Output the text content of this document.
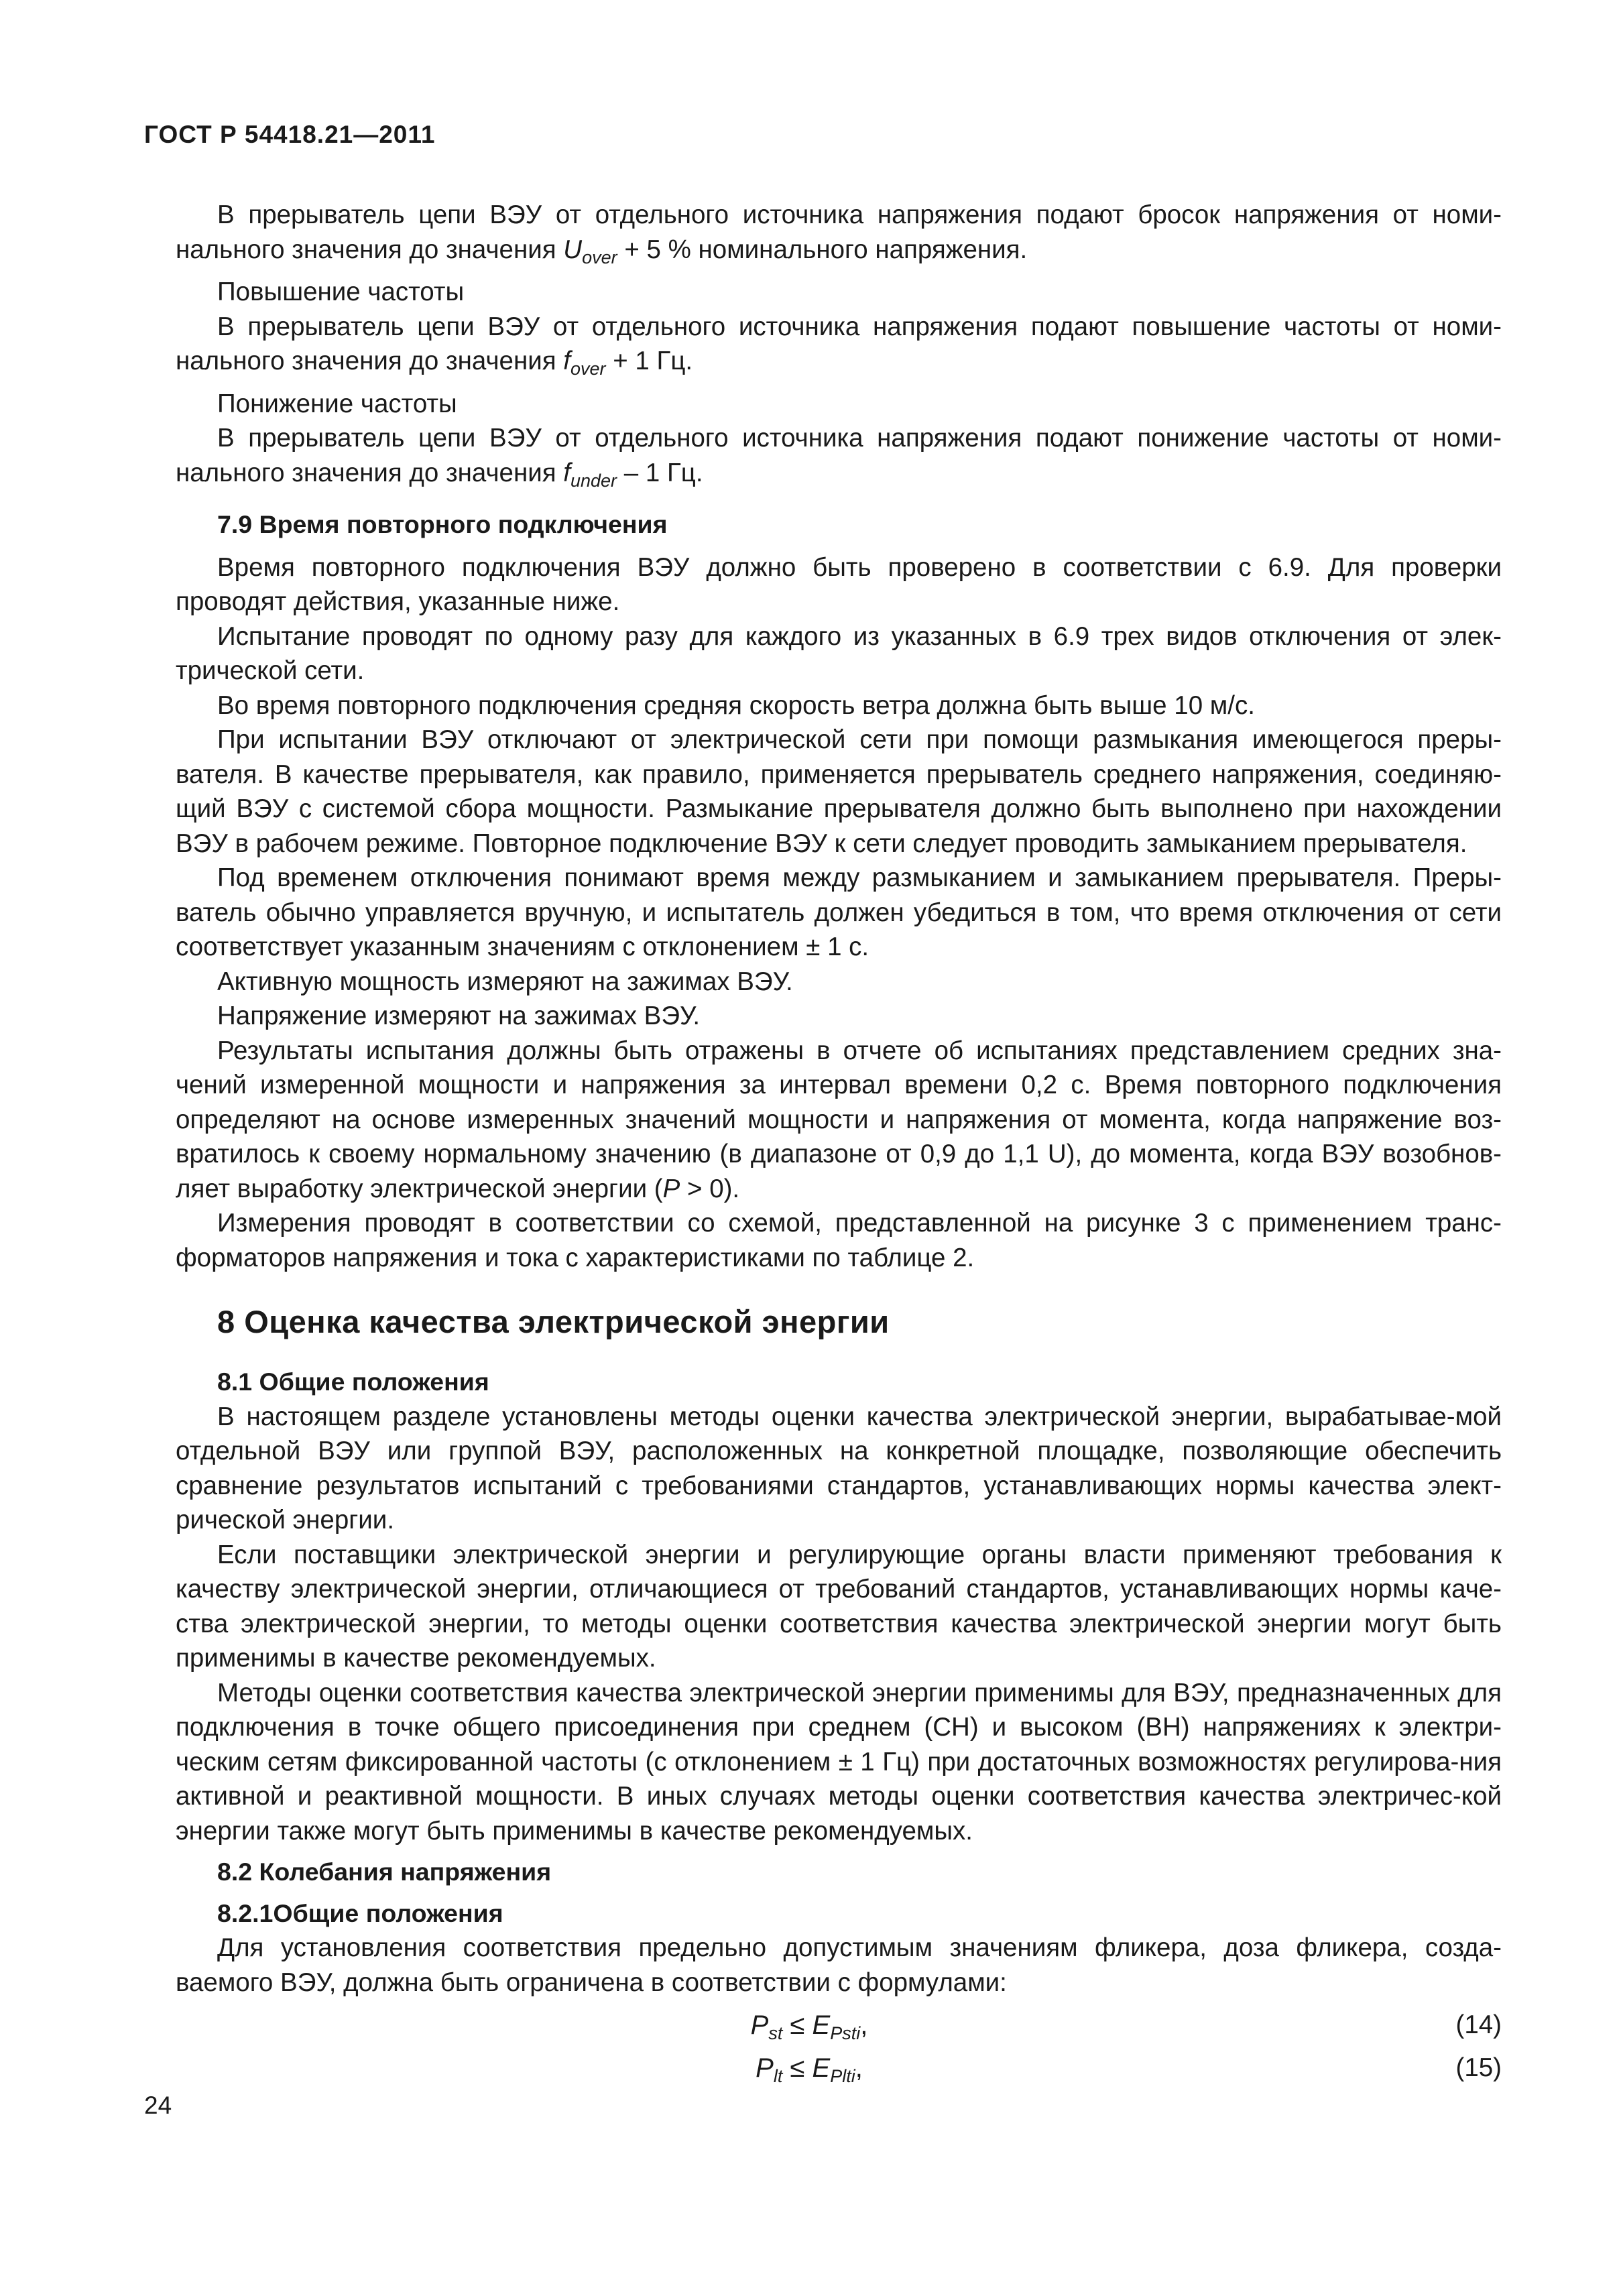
ГОСТ Р 54418.21—2011

В прерыватель цепи ВЭУ от отдельного источника напряжения подают бросок напряжения от номи-нального значения до значения $U_{over} + 5$ % номинального напряжения.

Повышение частоты

В прерыватель цепи ВЭУ от отдельного источника напряжения подают повышение частоты от номи-нального значения до значения $f_{over} + 1$ Гц.

Понижение частоты

В прерыватель цепи ВЭУ от отдельного источника напряжения подают понижение частоты от номи-нального значения до значения $f_{under} - 1$ Гц.

7.9 Время повторного подключения

Время повторного подключения ВЭУ должно быть проверено в соответствии с 6.9. Для проверки проводят действия, указанные ниже.

Испытание проводят по одному разу для каждого из указанных в 6.9 трех видов отключения от элек-трической сети.

Во время повторного подключения средняя скорость ветра должна быть выше 10 м/с.

При испытании ВЭУ отключают от электрической сети при помощи размыкания имеющегося преры-вателя. В качестве прерывателя, как правило, применяется прерыватель среднего напряжения, соединяю-щий ВЭУ с системой сбора мощности. Размыкание прерывателя должно быть выполнено при нахождении ВЭУ в рабочем режиме. Повторное подключение ВЭУ к сети следует проводить замыканием прерывателя.

Под временем отключения понимают время между размыканием и замыканием прерывателя. Преры-ватель обычно управляется вручную, и испытатель должен убедиться в том, что время отключения от сети соответствует указанным значениям с отклонением ± 1 с.

Активную мощность измеряют на зажимах ВЭУ.

Напряжение измеряют на зажимах ВЭУ.

Результаты испытания должны быть отражены в отчете об испытаниях представлением средних зна-чений измеренной мощности и напряжения за интервал времени 0,2 с. Время повторного подключения определяют на основе измеренных значений мощности и напряжения от момента, когда напряжение воз-вратилось к своему нормальному значению (в диапазоне от 0,9 до 1,1 U), до момента, когда ВЭУ возобнов-ляет выработку электрической энергии (P > 0).

Измерения проводят в соответствии со схемой, представленной на рисунке 3 с применением транс-форматоров напряжения и тока с характеристиками по таблице 2.

8 Оценка качества электрической энергии
8.1 Общие положения

В настоящем разделе установлены методы оценки качества электрической энергии, вырабатывае-мой отдельной ВЭУ или группой ВЭУ, расположенных на конкретной площадке, позволяющие обеспечить сравнение результатов испытаний с требованиями стандартов, устанавливающих нормы качества элект-рической энергии.

Если поставщики электрической энергии и регулирующие органы власти применяют требования к качеству электрической энергии, отличающиеся от требований стандартов, устанавливающих нормы каче-ства электрической энергии, то методы оценки соответствия качества электрической энергии могут быть применимы в качестве рекомендуемых.

Методы оценки соответствия качества электрической энергии применимы для ВЭУ, предназначенных для подключения в точке общего присоединения при среднем (СН) и высоком (ВН) напряжениях к электри-ческим сетям фиксированной частоты (с отклонением ± 1 Гц) при достаточных возможностях регулирова-ния активной и реактивной мощности. В иных случаях методы оценки соответствия качества электричес-кой энергии также могут быть применимы в качестве рекомендуемых.

8.2 Колебания напряжения
8.2.1Общие положения

Для установления соответствия предельно допустимым значениям фликера, доза фликера, созда-ваемого ВЭУ, должна быть ограничена в соответствии с формулами:

$P_{st} \le E_{Psti}$,	(14)
$P_{lt} \le E_{Plti}$,	(15)
24
